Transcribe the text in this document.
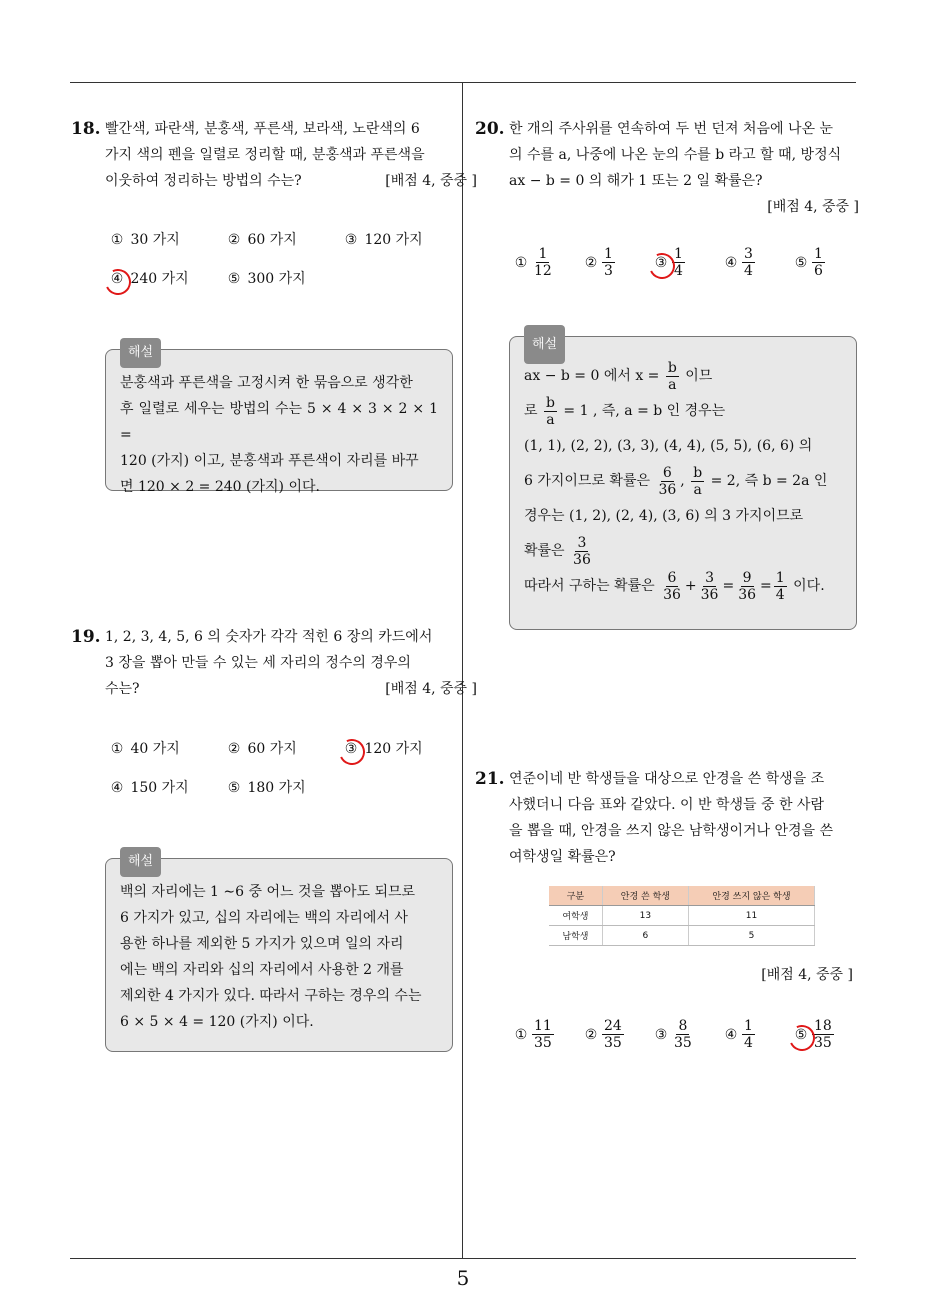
18. 빨간색, 파란색, 분홍색, 푸른색, 보라색, 노란색의 6
가지 색의 펜을 일렬로 정리할 때, 분홍색과 푸른색을
이웃하여 정리하는 방법의 수는?	[배점 4, 중중 ]
① 30 가지	② 60 가지	③ 120 가지
④ 240 가지	⑤ 300 가지
해설
분홍색과 푸른색을 고정시켜 한 묶음으로 생각한
후 일렬로 세우는 방법의 수는 5 × 4 × 3 × 2 × 1 =
120 (가지) 이고, 분홍색과 푸른색이 자리를 바꾸
면 120 × 2 = 240 (가지) 이다.
19. 1, 2, 3, 4, 5, 6 의 숫자가 각각 적힌 6 장의 카드에서
3 장을 뽑아 만들 수 있는 세 자리의 정수의 경우의
수는?	[배점 4, 중중 ]
① 40 가지	② 60 가지	③ 120 가지
④ 150 가지	⑤ 180 가지
해설
백의 자리에는 1 ∼6 중 어느 것을 뽑아도 되므로
6 가지가 있고, 십의 자리에는 백의 자리에서 사
용한 하나를 제외한 5 가지가 있으며 일의 자리
에는 백의 자리와 십의 자리에서 사용한 2 개를
제외한 4 가지가 있다. 따라서 구하는 경우의 수는
6 × 5 × 4 = 120 (가지) 이다.
20. 한 개의 주사위를 연속하여 두 번 던져 처음에 나온 눈
의 수를 a, 나중에 나온 눈의 수를 b 라고 할 때, 방정식
ax − b = 0 의 해가 1 또는 2 일 확률은?
[배점 4, 중중 ]
① $\frac{1}{12}$ ② $\frac{1}{3}$	③ $\frac{1}{4}$	④ $\frac{3}{4}$	⑤ $\frac{1}{6}$
해설
ax − b = 0 에서 $x = \frac{b}{a}$ 이므
로 $\frac{b}{a} = 1$ , 즉, a = b 인 경우는
(1, 1), (2, 2), (3, 3), (4, 4), (5, 5), (6, 6) 의
6 가지이므로 확률은 $\frac{6}{36}$ , $\frac{b}{a} = 2$, 즉 b = 2a 인
경우는 (1, 2), (2, 4), (3, 6) 의 3 가지이므로
확률은 $\frac{3}{36}$
따라서 구하는 확률은 $\frac{6}{36} + \frac{3}{36} = \frac{9}{36} = \frac{1}{4}$ 이다.
21. 연준이네 반 학생들을 대상으로 안경을 쓴 학생을 조
사했더니 다음 표와 같았다. 이 반 학생들 중 한 사람
을 뽑을 때, 안경을 쓰지 않은 남학생이거나 안경을 쓴
여학생일 확률은?
구분	안경 쓴 학생	안경 쓰지 않은 학생
여학생	13	11
남학생	6	5
[배점 4, 중중 ]
① $\frac{11}{35}$ ② $\frac{24}{35}$ ③ $\frac{8}{35}$ ④ $\frac{1}{4}$	⑤ $\frac{18}{35}$
5
